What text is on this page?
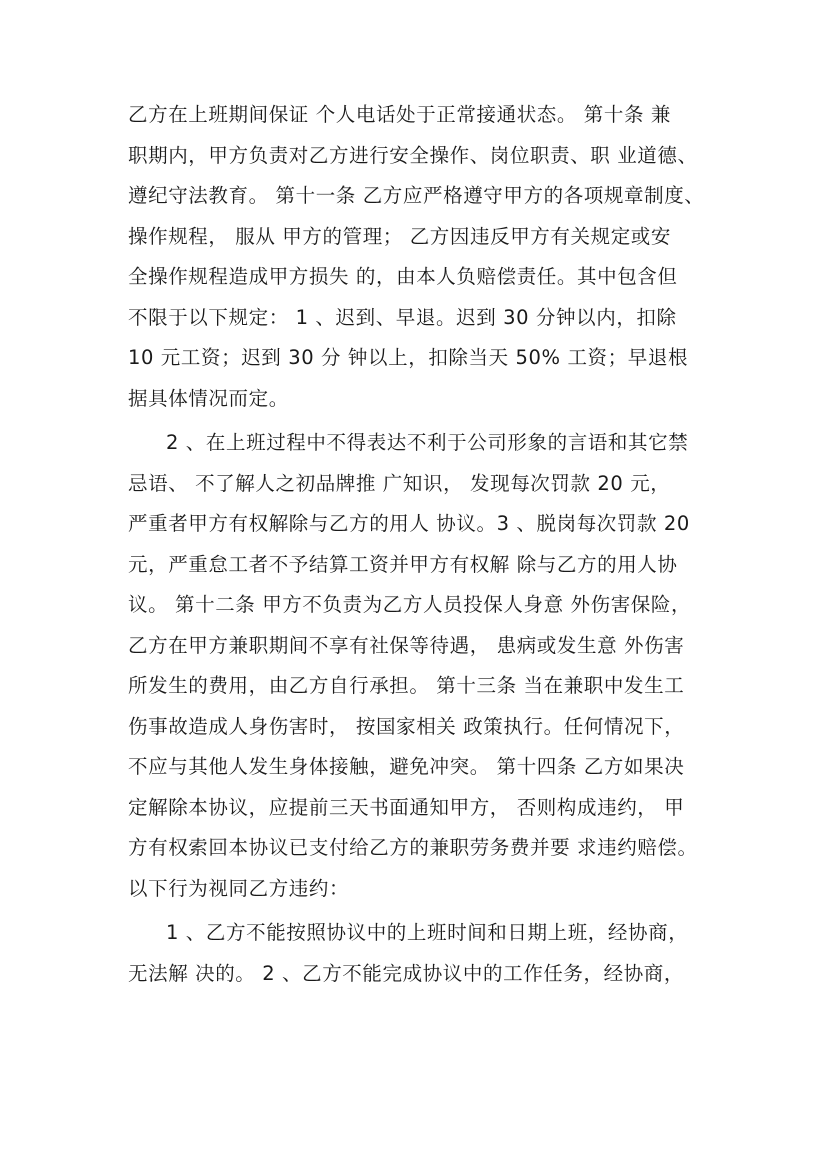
乙方在上班期间保证 个人电话处于正常接通状态。 第十条 兼
职期内，甲方负责对乙方进行安全操作、岗位职责、职 业道德、
遵纪守法教育。 第十一条 乙方应严格遵守甲方的各项规章制度、
操作规程， 服从 甲方的管理； 乙方因违反甲方有关规定或安
全操作规程造成甲方损失 的，由本人负赔偿责任。其中包含但
不限于以下规定： 1 、迟到、早退。迟到 30 分钟以内，扣除
10 元工资；迟到 30 分 钟以上，扣除当天 50% 工资；早退根
据具体情况而定。

2 、在上班过程中不得表达不利于公司形象的言语和其它禁
忌语、 不了解人之初品牌推 广知识， 发现每次罚款 20 元，
严重者甲方有权解除与乙方的用人 协议。3 、脱岗每次罚款 20
元，严重怠工者不予结算工资并甲方有权解 除与乙方的用人协
议。 第十二条 甲方不负责为乙方人员投保人身意 外伤害保险，
乙方在甲方兼职期间不享有社保等待遇， 患病或发生意 外伤害
所发生的费用，由乙方自行承担。 第十三条 当在兼职中发生工
伤事故造成人身伤害时， 按国家相关 政策执行。任何情况下，
不应与其他人发生身体接触，避免冲突。 第十四条 乙方如果决
定解除本协议，应提前三天书面通知甲方， 否则构成违约， 甲
方有权索回本协议已支付给乙方的兼职劳务费并要 求违约赔偿。
以下行为视同乙方违约：

1 、乙方不能按照协议中的上班时间和日期上班，经协商，
无法解 决的。 2 、乙方不能完成协议中的工作任务，经协商，
